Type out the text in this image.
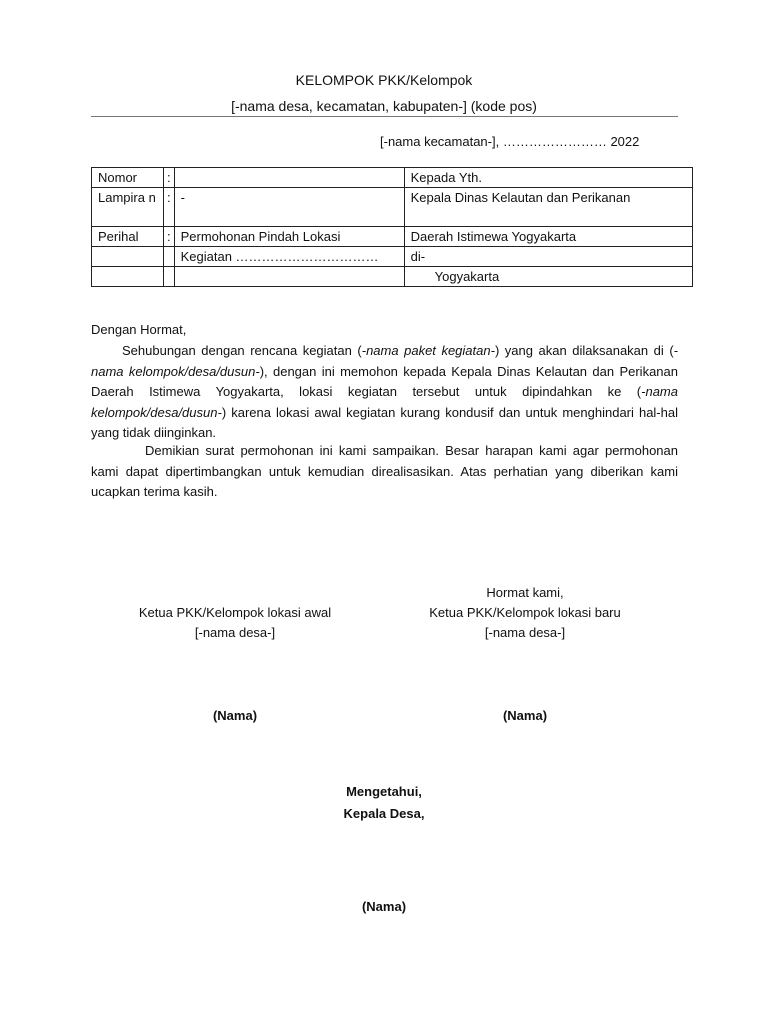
KELOMPOK PKK/Kelompok
[-nama desa, kecamatan, kabupaten-] (kode pos)
[-nama kecamatan-], …………………… 2022
Nomor	:		Kepada Yth.
Lampira n	:	-	Kepala Dinas Kelautan dan Perikanan
Perihal	:	Permohonan Pindah Lokasi	Daerah Istimewa Yogyakarta
		Kegiatan ……………………………	di-
			Yogyakarta
Dengan Hormat,
Sehubungan dengan rencana kegiatan (-nama paket kegiatan-) yang akan dilaksanakan di (-nama kelompok/desa/dusun-), dengan ini memohon kepada Kepala Dinas Kelautan dan Perikanan Daerah Istimewa Yogyakarta, lokasi kegiatan tersebut untuk dipindahkan ke (-nama kelompok/desa/dusun-) karena lokasi awal kegiatan kurang kondusif dan untuk menghindari hal-hal yang tidak diinginkan.
Demikian surat permohonan ini kami sampaikan. Besar harapan kami agar permohonan kami dapat dipertimbangkan untuk kemudian direalisasikan. Atas perhatian yang diberikan kami ucapkan terima kasih.
Hormat kami,
Ketua PKK/Kelompok lokasi awal
[-nama desa-]
(Nama)
Ketua PKK/Kelompok lokasi baru
[-nama desa-]
(Nama)
Mengetahui,
Kepala Desa,
(Nama)
